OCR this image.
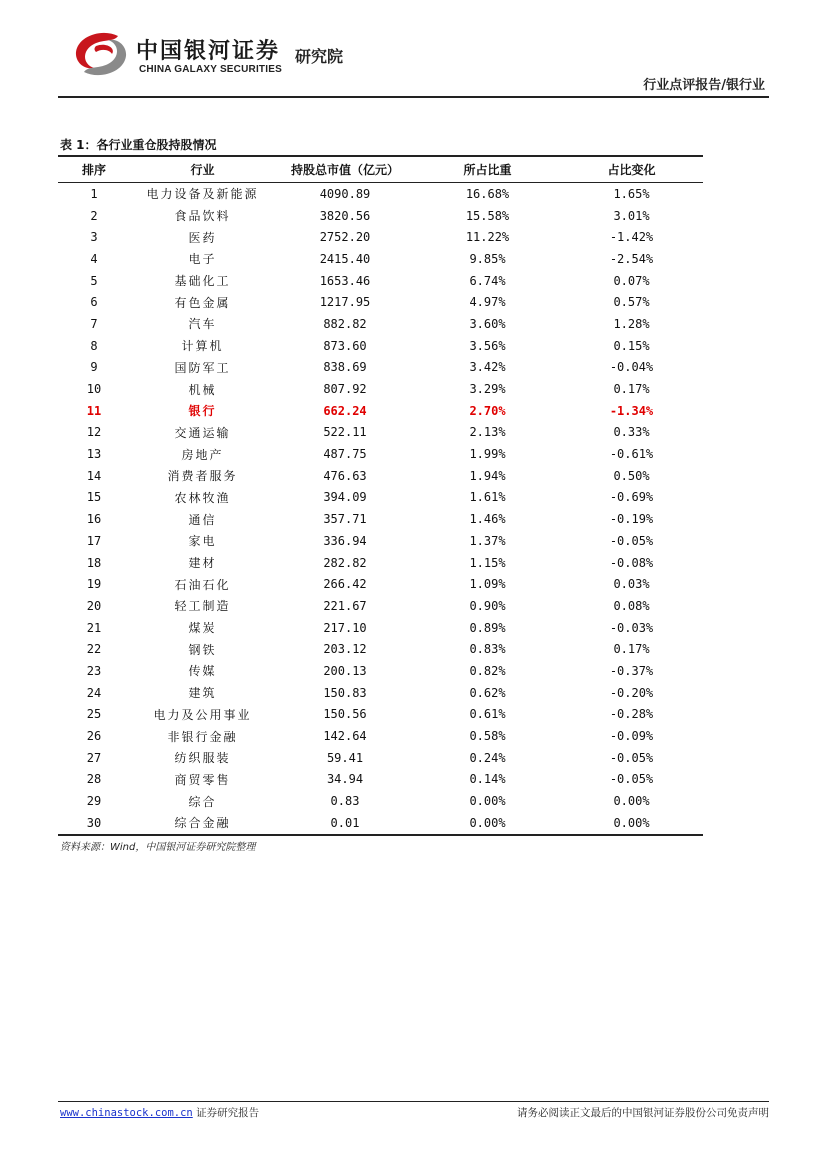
中国银河证券
CHINA GALAXY SECURITIES
研究院
行业点评报告/银行业
表 1：各行业重仓股持股情况
排序	行业	持股总市值（亿元）	所占比重	占比变化
1	电力设备及新能源	4090.89	16.68%	1.65%
2	食品饮料	3820.56	15.58%	3.01%
3	医药	2752.20	11.22%	-1.42%
4	电子	2415.40	9.85%	-2.54%
5	基础化工	1653.46	6.74%	0.07%
6	有色金属	1217.95	4.97%	0.57%
7	汽车	882.82	3.60%	1.28%
8	计算机	873.60	3.56%	0.15%
9	国防军工	838.69	3.42%	-0.04%
10	机械	807.92	3.29%	0.17%
11	银行	662.24	2.70%	-1.34%
12	交通运输	522.11	2.13%	0.33%
13	房地产	487.75	1.99%	-0.61%
14	消费者服务	476.63	1.94%	0.50%
15	农林牧渔	394.09	1.61%	-0.69%
16	通信	357.71	1.46%	-0.19%
17	家电	336.94	1.37%	-0.05%
18	建材	282.82	1.15%	-0.08%
19	石油石化	266.42	1.09%	0.03%
20	轻工制造	221.67	0.90%	0.08%
21	煤炭	217.10	0.89%	-0.03%
22	钢铁	203.12	0.83%	0.17%
23	传媒	200.13	0.82%	-0.37%
24	建筑	150.83	0.62%	-0.20%
25	电力及公用事业	150.56	0.61%	-0.28%
26	非银行金融	142.64	0.58%	-0.09%
27	纺织服装	59.41	0.24%	-0.05%
28	商贸零售	34.94	0.14%	-0.05%
29	综合	0.83	0.00%	0.00%
30	综合金融	0.01	0.00%	0.00%
资料来源：Wind，中国银河证券研究院整理
www.chinastock.com.cn 证券研究报告	请务必阅读正文最后的中国银河证券股份公司免责声明
